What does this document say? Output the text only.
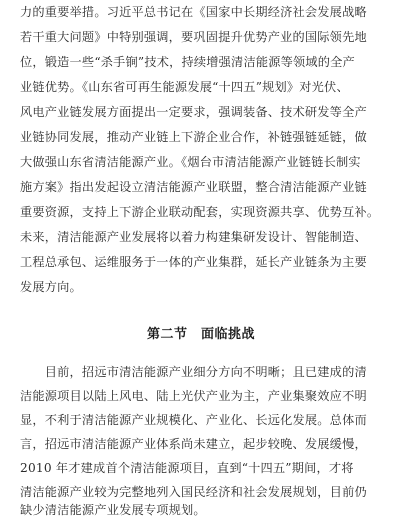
力的重要举措。习近平总书记在《国家中长期经济社会发展战略
若干重大问题》中特别强调，要巩固提升优势产业的国际领先地
位，锻造一些“杀手锏”技术，持续增强清洁能源等领域的全产
业链优势。《山东省可再生能源发展“十四五”规划》对光伏、
风电产业链发展方面提出一定要求，强调装备、技术研发等全产
业链协同发展，推动产业链上下游企业合作，补链强链延链，做
大做强山东省清洁能源产业。《烟台市清洁能源产业链链长制实
施方案》指出发起设立清洁能源产业联盟，整合清洁能源产业链
重要资源，支持上下游企业联动配套，实现资源共享、优势互补。
未来，清洁能源产业发展将以着力构建集研发设计、智能制造、
工程总承包、运维服务于一体的产业集群，延长产业链条为主要
发展方向。
第二节　面临挑战
　　目前，招远市清洁能源产业细分方向不明晰；且已建成的清
洁能源项目以陆上风电、陆上光伏产业为主，产业集聚效应不明
显，不利于清洁能源产业规模化、产业化、长远化发展。总体而
言，招远市清洁能源产业体系尚未建立，起步较晚、发展缓慢，
2010 年才建成首个清洁能源项目，直到“十四五”期间，才将
清洁能源产业较为完整地列入国民经济和社会发展规划，目前仍
缺少清洁能源产业发展专项规划。
